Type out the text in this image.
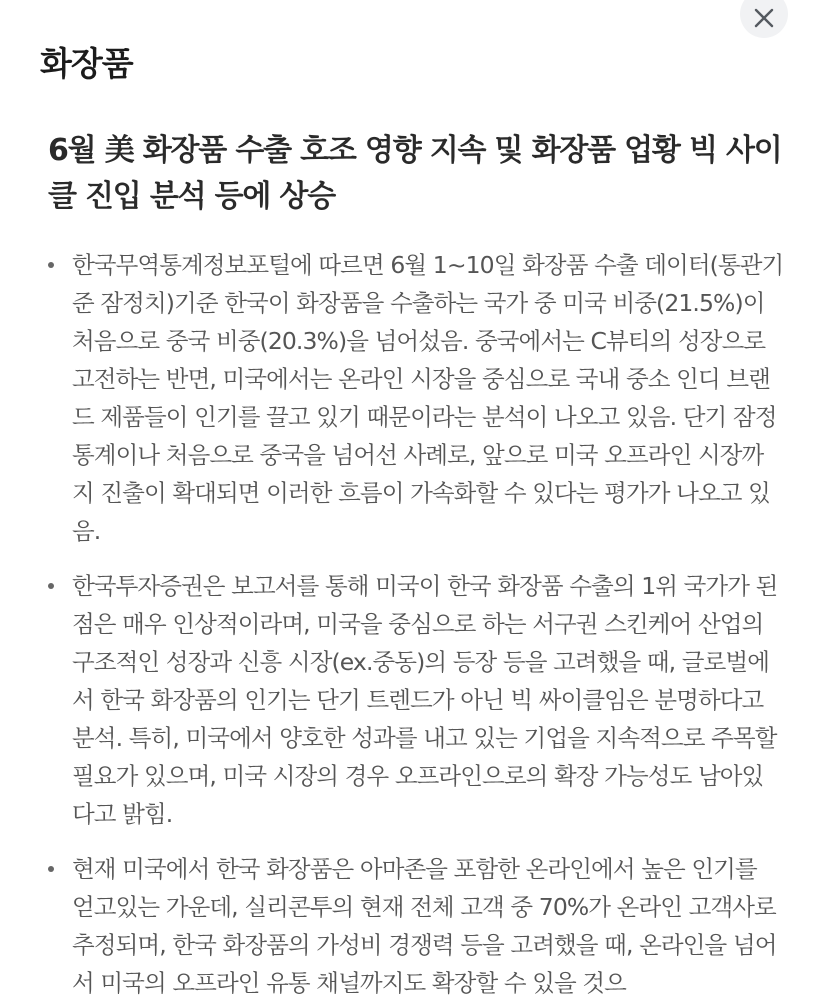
화장품
6월 美 화장품 수출 호조 영향 지속 및 화장품 업황 빅 사이클 진입 분석 등에 상승
한국무역통계정보포털에 따르면 6월 1~10일 화장품 수출 데이터(통관기준 잠정치)기준 한국이 화장품을 수출하는 국가 중 미국 비중(21.5%)이 처음으로 중국 비중(20.3%)을 넘어섰음. 중국에서는 C뷰티의 성장으로 고전하는 반면, 미국에서는 온라인 시장을 중심으로 국내 중소 인디 브랜드 제품들이 인기를 끌고 있기 때문이라는 분석이 나오고 있음. 단기 잠정 통계이나 처음으로 중국을 넘어선 사례로, 앞으로 미국 오프라인 시장까지 진출이 확대되면 이러한 흐름이 가속화할 수 있다는 평가가 나오고 있음.
한국투자증권은 보고서를 통해 미국이 한국 화장품 수출의 1위 국가가 된 점은 매우 인상적이라며, 미국을 중심으로 하는 서구권 스킨케어 산업의 구조적인 성장과 신흥 시장(ex.중동)의 등장 등을 고려했을 때, 글로벌에서 한국 화장품의 인기는 단기 트렌드가 아닌 빅 싸이클임은 분명하다고 분석. 특히, 미국에서 양호한 성과를 내고 있는 기업을 지속적으로 주목할 필요가 있으며, 미국 시장의 경우 오프라인으로의 확장 가능성도 남아있다고 밝힘.
현재 미국에서 한국 화장품은 아마존을 포함한 온라인에서 높은 인기를 얻고있는 가운데, 실리콘투의 현재 전체 고객 중 70%가 온라인 고객사로 추정되며, 한국 화장품의 가성비 경쟁력 등을 고려했을 때, 온라인을 넘어서 미국의 오프라인 유통 채널까지도 확장할 수 있을 것으
